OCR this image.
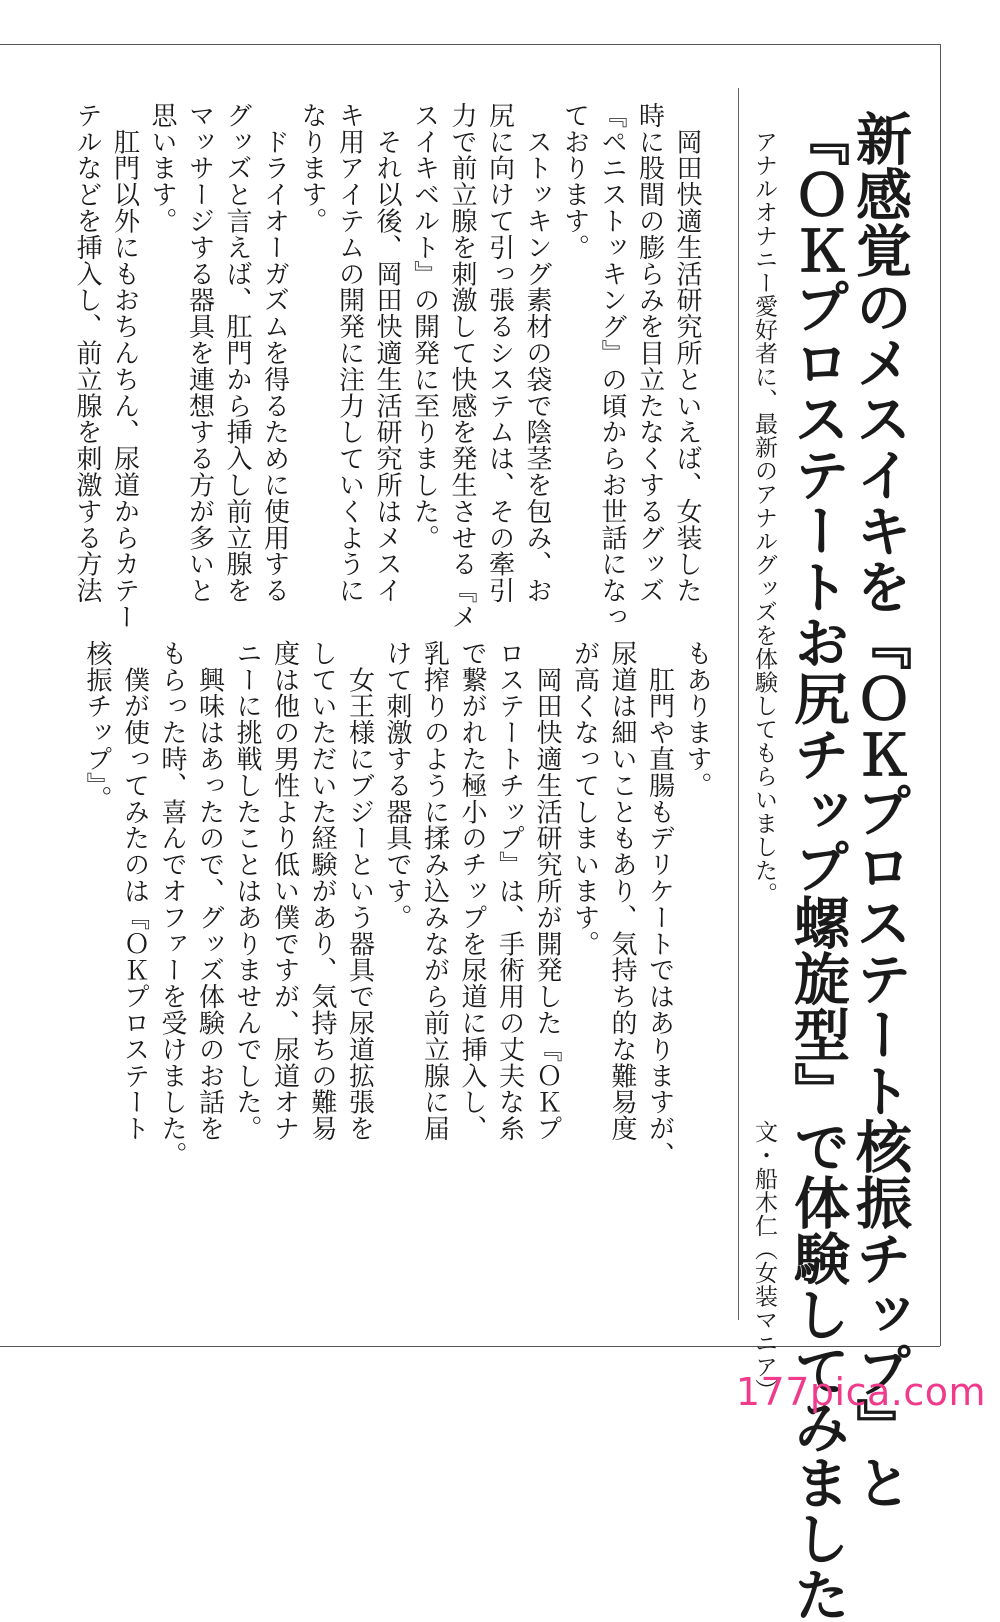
新感覚のメスイキを『ＯＫプロステート核振チップ』と
『ＯＫプロステートお尻チップ螺旋型』で体験してみました
アナルオナニー愛好者に、最新のアナルグッズを体験してもらいました。
文・船木仁（女装マニア）
　岡田快適生活研究所といえば、女装した
時に股間の膨らみを目立たなくするグッズ
『ペニストッキング』の頃からお世話になっ
ております。
　ストッキング素材の袋で陰茎を包み、お
尻に向けて引っ張るシステムは、その牽引
力で前立腺を刺激して快感を発生させる『メ
スイキベルト』の開発に至りました。
　それ以後、岡田快適生活研究所はメスイ
キ用アイテムの開発に注力していくように
なります。
　ドライオーガズムを得るために使用する
グッズと言えば、肛門から挿入し前立腺を
マッサージする器具を連想する方が多いと
思います。
　肛門以外にもおちんちん、尿道からカテー
テルなどを挿入し、前立腺を刺激する方法
もあります。
　肛門や直腸もデリケートではありますが、
尿道は細いこともあり、気持ち的な難易度
が高くなってしまいます。
　岡田快適生活研究所が開発した『ＯＫプ
ロステートチップ』は、手術用の丈夫な糸
で繋がれた極小のチップを尿道に挿入し、
乳搾りのように揉み込みながら前立腺に届
けて刺激する器具です。
　女王様にブジーという器具で尿道拡張を
していただいた経験があり、気持ちの難易
度は他の男性より低い僕ですが、尿道オナ
ニーに挑戦したことはありませんでした。
　興味はあったので、グッズ体験のお話を
もらった時、喜んでオファーを受けました。
　僕が使ってみたのは『ＯＫプロステート
核振チップ』。
177pica.com
